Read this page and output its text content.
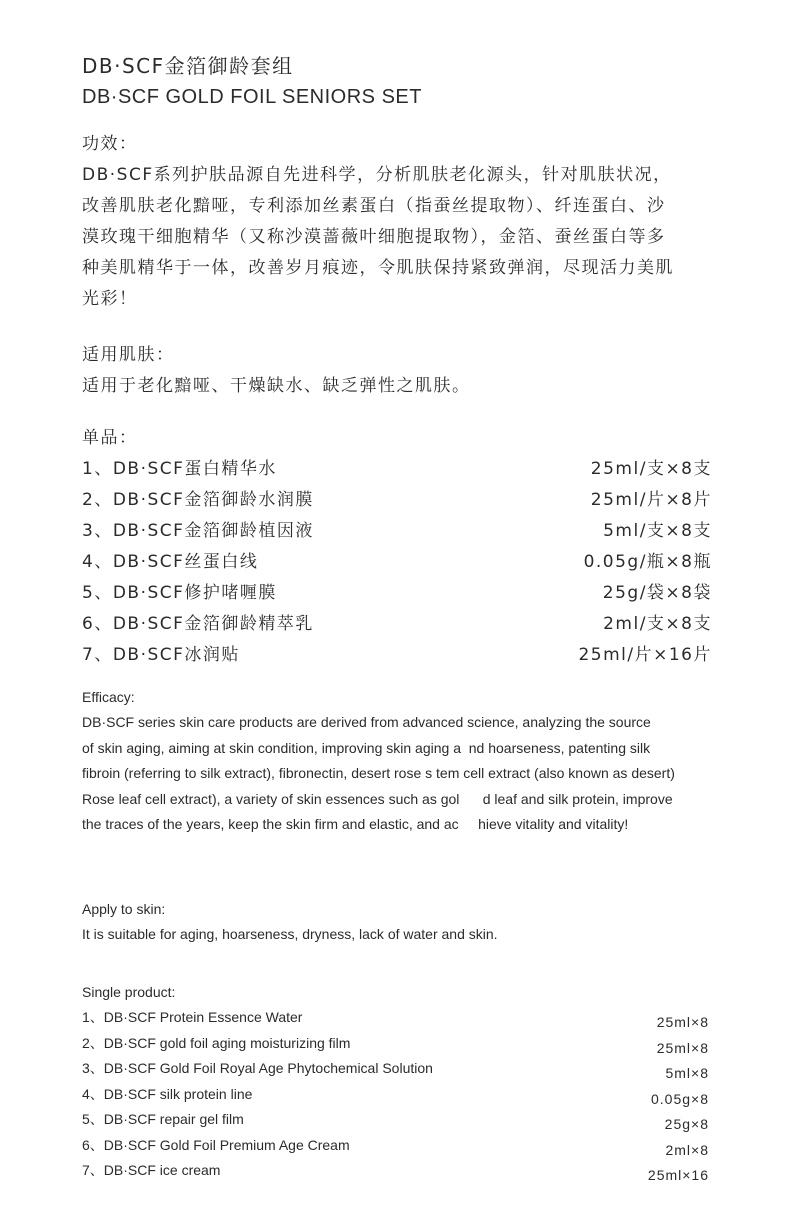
DB·SCF金箔御龄套组
DB·SCF GOLD FOIL SENIORS SET
功效：
DB·SCF系列护肤品源自先进科学，分析肌肤老化源头，针对肌肤状况，
改善肌肤老化黯哑，专利添加丝素蛋白（指蚕丝提取物）、纤连蛋白、沙
漠玫瑰干细胞精华（又称沙漠蔷薇叶细胞提取物），金箔、蚕丝蛋白等多
种美肌精华于一体，改善岁月痕迹，令肌肤保持紧致弹润，尽现活力美肌
光彩！
适用肌肤：
适用于老化黯哑、干燥缺水、缺乏弹性之肌肤。
单品：
1、DB·SCF蛋白精华水	25ml/支×8支
2、DB·SCF金箔御龄水润膜	25ml/片×8片
3、DB·SCF金箔御龄植因液	5ml/支×8支
4、DB·SCF丝蛋白线	0.05g/瓶×8瓶
5、DB·SCF修护啫喱膜	25g/袋×8袋
6、DB·SCF金箔御龄精萃乳	2ml/支×8支
7、DB·SCF冰润贴	25ml/片×16片
Efficacy:
DB·SCF series skin care products are derived from advanced science, analyzing the source
of skin aging, aiming at skin condition, improving skin aging a  nd hoarseness, patenting silk
fibroin (referring to silk extract), fibronectin, desert rose s tem cell extract (also known as desert)
Rose leaf cell extract), a variety of skin essences such as gol      d leaf and silk protein, improve
the traces of the years, keep the skin firm and elastic, and ac     hieve vitality and vitality!
Apply to skin:
It is suitable for aging, hoarseness, dryness, lack of water and skin.
Single product:
1、DB·SCF Protein Essence Water	25ml×8
2、DB·SCF gold foil aging moisturizing film	25ml×8
3、DB·SCF Gold Foil Royal Age Phytochemical Solution	5ml×8
4、DB·SCF silk protein line	0.05g×8
5、DB·SCF repair gel film	25g×8
6、DB·SCF Gold Foil Premium Age Cream	2ml×8
7、DB·SCF ice cream	25ml×16
